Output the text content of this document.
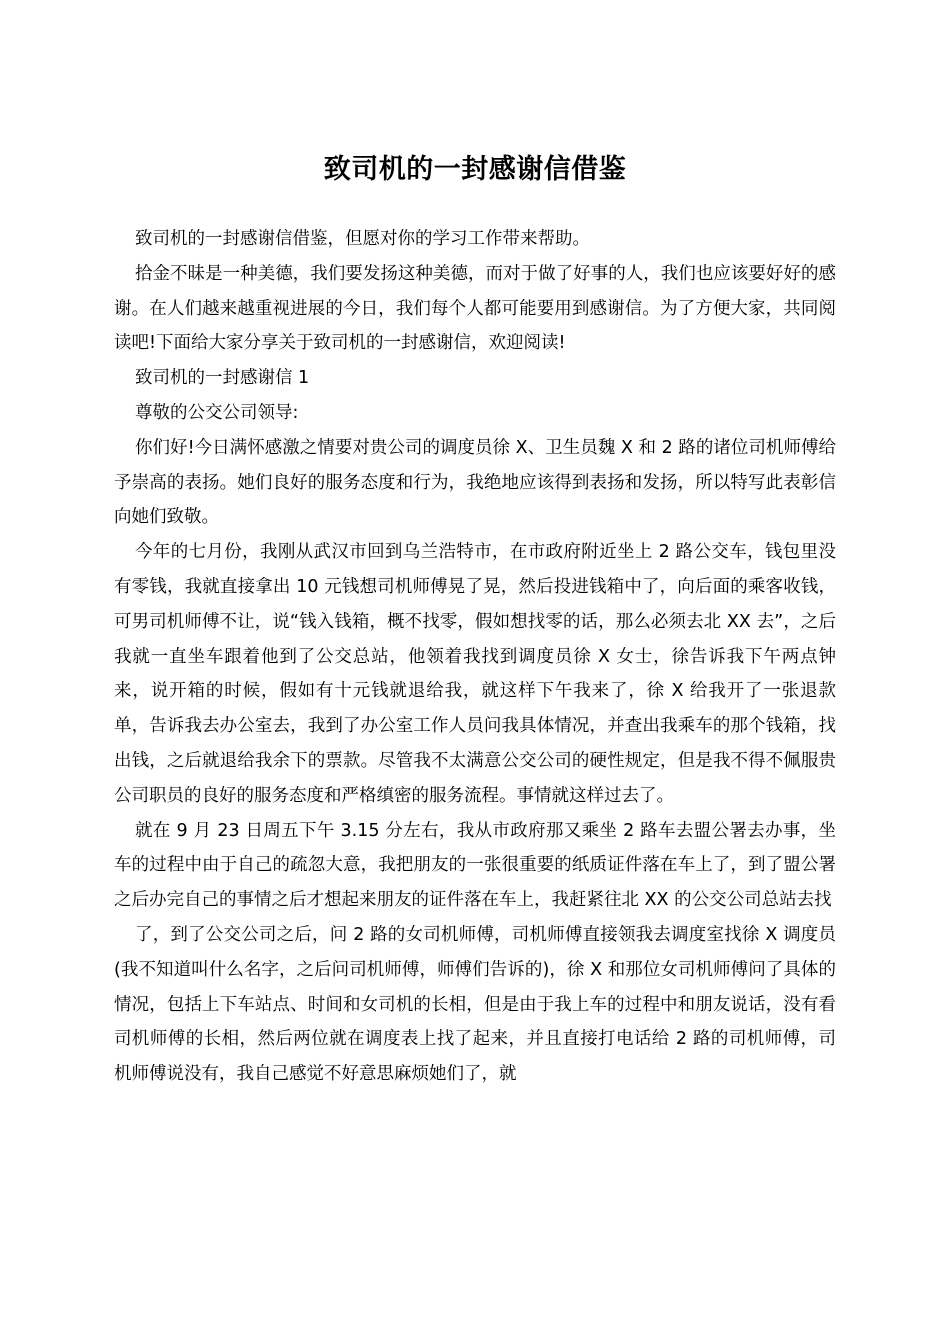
致司机的一封感谢信借鉴

致司机的一封感谢信借鉴，但愿对你的学习工作带来帮助。

拾金不昧是一种美德，我们要发扬这种美德，而对于做了好事的人，我们也应该要好好的感谢。在人们越来越重视进展的今日，我们每个人都可能要用到感谢信。为了方便大家，共同阅读吧!下面给大家分享关于致司机的一封感谢信，欢迎阅读!

致司机的一封感谢信 1

尊敬的公交公司领导:

你们好!今日满怀感激之情要对贵公司的调度员徐 X、卫生员魏 X 和 2 路的诸位司机师傅给予崇高的表扬。她们良好的服务态度和行为，我绝地应该得到表扬和发扬，所以特写此表彰信向她们致敬。

今年的七月份，我刚从武汉市回到乌兰浩特市，在市政府附近坐上 2 路公交车，钱包里没有零钱，我就直接拿出 10 元钱想司机师傅晃了晃，然后投进钱箱中了，向后面的乘客收钱，可男司机师傅不让，说“钱入钱箱，概不找零，假如想找零的话，那么必须去北 XX 去”，之后我就一直坐车跟着他到了公交总站，他领着我找到调度员徐 X 女士，徐告诉我下午两点钟来，说开箱的时候，假如有十元钱就退给我，就这样下午我来了，徐 X 给我开了一张退款单，告诉我去办公室去，我到了办公室工作人员问我具体情况，并查出我乘车的那个钱箱，找出钱，之后就退给我余下的票款。尽管我不太满意公交公司的硬性规定，但是我不得不佩服贵公司职员的良好的服务态度和严格缜密的服务流程。事情就这样过去了。

就在 9 月 23 日周五下午 3.15 分左右，我从市政府那又乘坐 2 路车去盟公署去办事，坐车的过程中由于自己的疏忽大意，我把朋友的一张很重要的纸质证件落在车上了，到了盟公署之后办完自己的事情之后才想起来朋友的证件落在车上，我赶紧往北 XX 的公交公司总站去找

了，到了公交公司之后，问 2 路的女司机师傅，司机师傅直接领我去调度室找徐 X 调度员(我不知道叫什么名字，之后问司机师傅，师傅们告诉的)，徐 X 和那位女司机师傅问了具体的情况，包括上下车站点、时间和女司机的长相，但是由于我上车的过程中和朋友说话，没有看司机师傅的长相，然后两位就在调度表上找了起来，并且直接打电话给 2 路的司机师傅，司机师傅说没有，我自己感觉不好意思麻烦她们了，就
